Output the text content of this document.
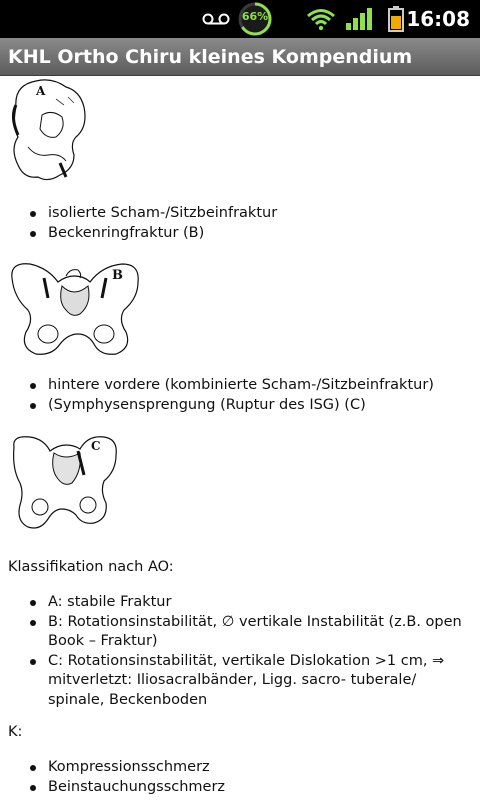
66%	16:08
KHL Ortho Chiru kleines Kompendium
A
isolierte Scham-/Sitzbeinfraktur
Beckenringfraktur (B)
B
hintere vordere (kombinierte Scham-/Sitzbeinfraktur)
(Symphysensprengung (Ruptur des ISG) (C)
C
Klassifikation nach AO:
A: stabile Fraktur
B: Rotationsinstabilität, ∅ vertikale Instabilität (z.B. open Book – Fraktur)
C: Rotationsinstabilität, vertikale Dislokation >1 cm, ⇒ mitverletzt: Iliosacralbänder, Ligg. sacro- tuberale/ spinale, Beckenboden
K:
Kompressionsschmerz
Beinstauchungsschmerz
